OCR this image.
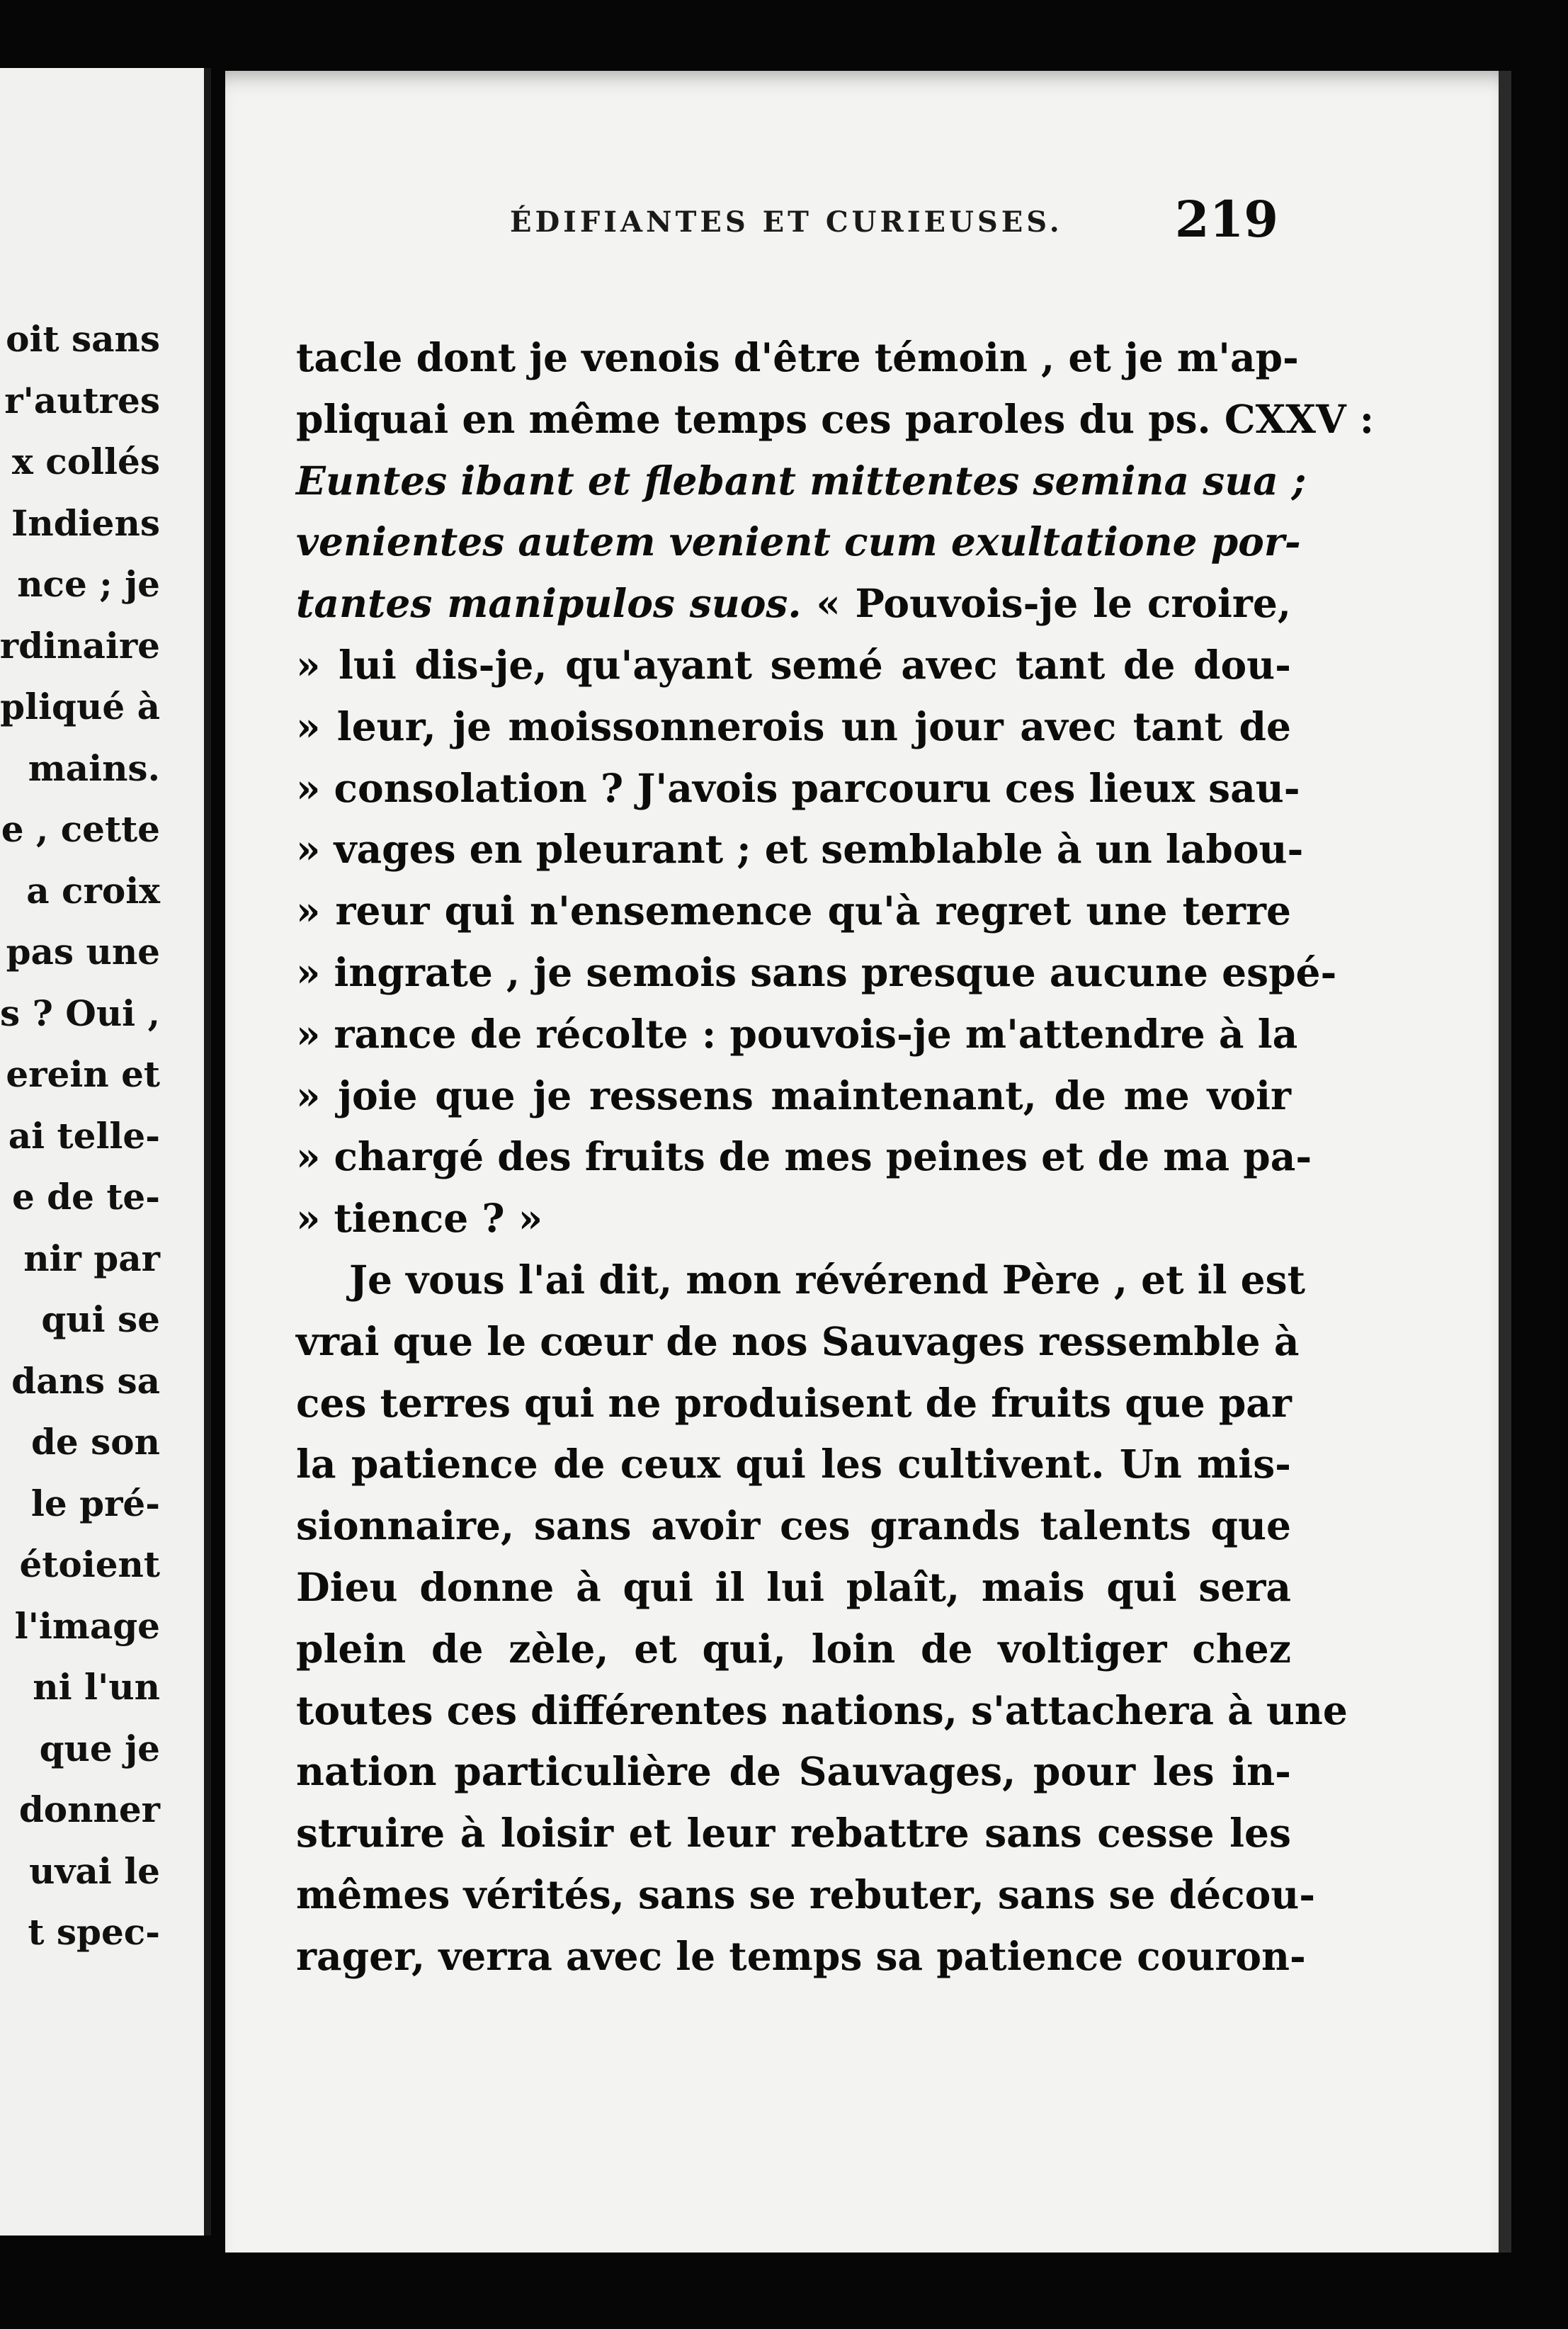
oit sans
r'autres
x collés
Indiens
nce ; je
rdinaire
pliqué à
mains.
e , cette
a croix
pas une
s ? Oui ,
erein et
ai telle-
e de te-
nir par
qui se
dans sa
de son
le pré-
étoient
l'image
ni l'un
que je
donner
uvai le
t spec-
ÉDIFIANTES ET CURIEUSES. 219
tacle dont je venois d'être témoin , et je m'ap-
pliquai en même temps ces paroles du ps. CXXV :
Euntes ibant et flebant mittentes semina sua ;
venientes autem venient cum exultatione por-
tantes manipulos suos. « Pouvois-je le croire,
» lui dis-je, qu'ayant semé avec tant de dou-
» leur, je moissonnerois un jour avec tant de
» consolation ? J'avois parcouru ces lieux sau-
» vages en pleurant ; et semblable à un labou-
» reur qui n'ensemence qu'à regret une terre
» ingrate , je semois sans presque aucune espé-
» rance de récolte : pouvois-je m'attendre à la
» joie que je ressens maintenant, de me voir
» chargé des fruits de mes peines et de ma pa-
» tience ? »
Je vous l'ai dit, mon révérend Père , et il est
vrai que le cœur de nos Sauvages ressemble à
ces terres qui ne produisent de fruits que par
la patience de ceux qui les cultivent. Un mis-
sionnaire, sans avoir ces grands talents que
Dieu donne à qui il lui plaît, mais qui sera
plein de zèle, et qui, loin de voltiger chez
toutes ces différentes nations, s'attachera à une
nation particulière de Sauvages, pour les in-
struire à loisir et leur rebattre sans cesse les
mêmes vérités, sans se rebuter, sans se décou-
rager, verra avec le temps sa patience couron-
